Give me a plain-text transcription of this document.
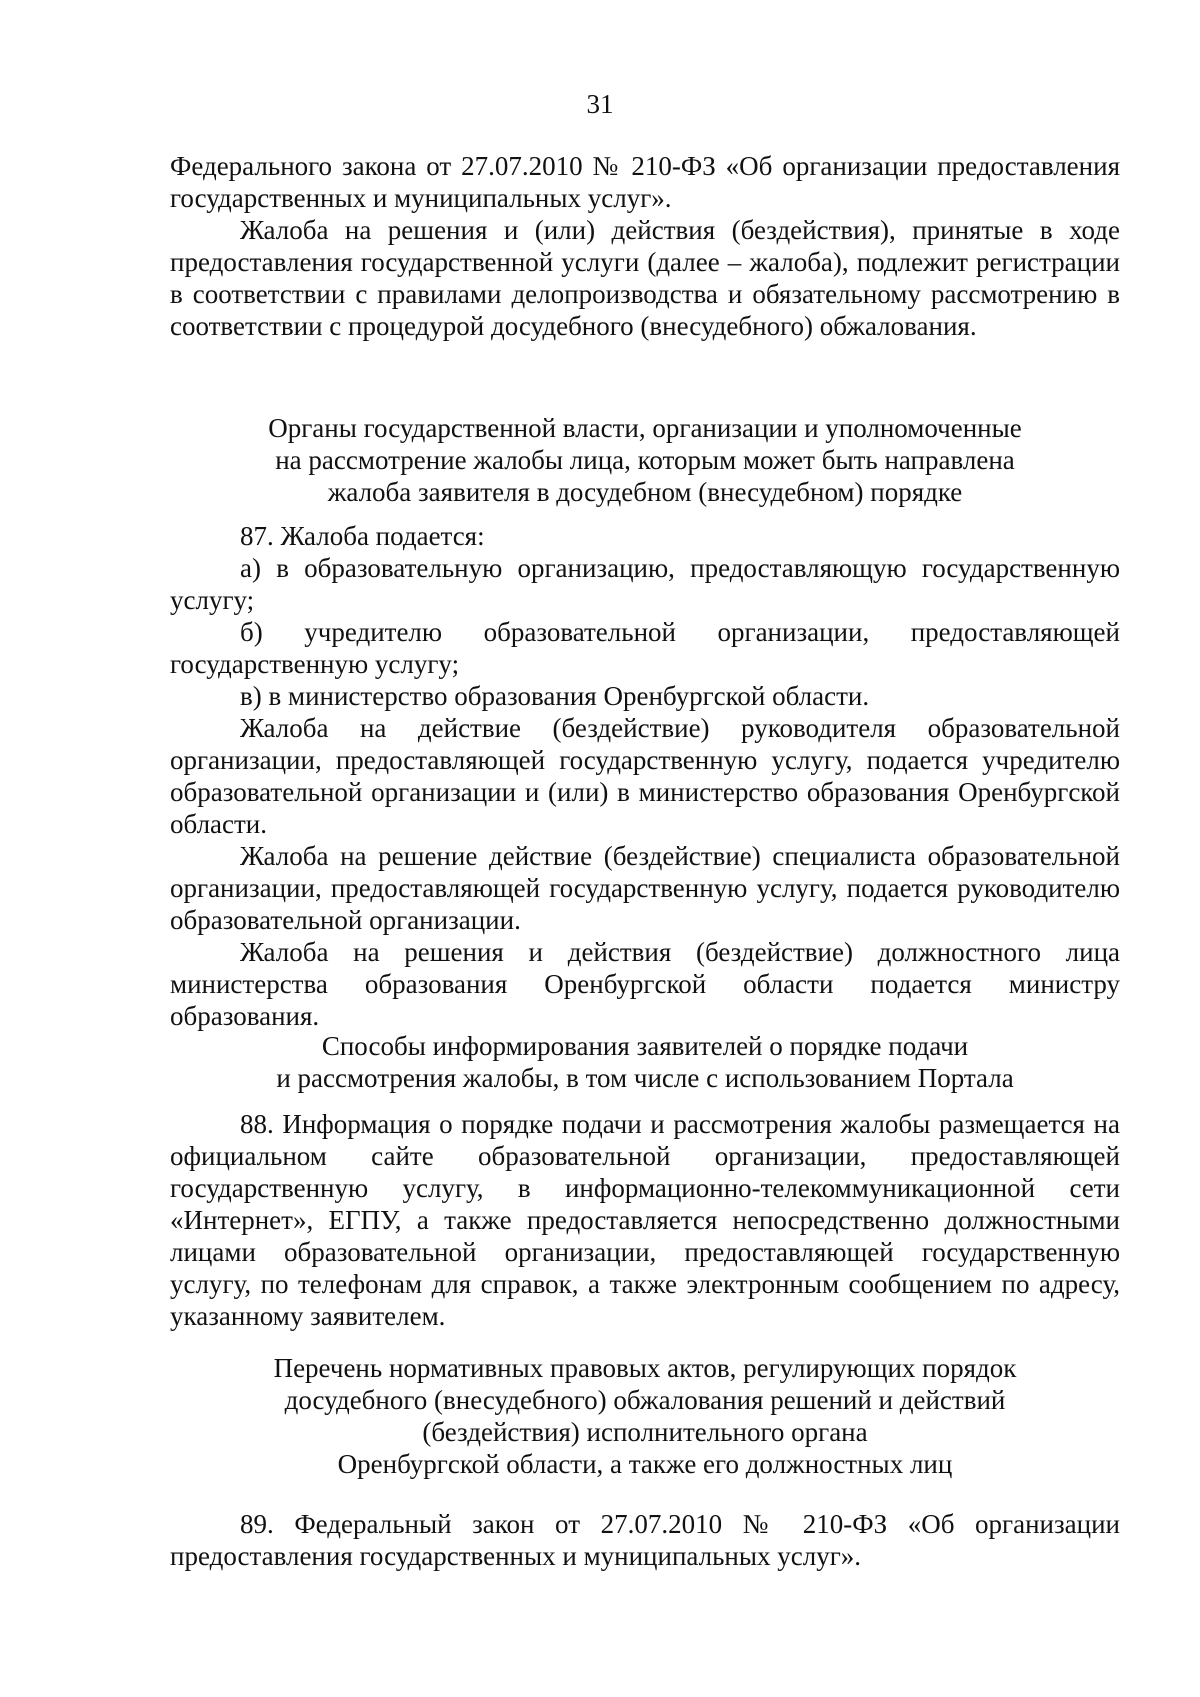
31

Федерального закона от 27.07.2010 № 210-ФЗ «Об организации предоставления государственных и муниципальных услуг».

Жалоба на решения и (или) действия (бездействия), принятые в ходе предоставления государственной услуги (далее – жалоба), подлежит регистрации в соответствии с правилами делопроизводства и обязательному рассмотрению в соответствии с процедурой досудебного (внесудебного) обжалования.

Органы государственной власти, организации и уполномоченные
на рассмотрение жалобы лица, которым может быть направлена
жалоба заявителя в досудебном (внесудебном) порядке

87. Жалоба подается:

а) в образовательную организацию, предоставляющую государственную услугу;

б) учредителю образовательной организации, предоставляющей государственную услугу;

в) в министерство образования Оренбургской области.

Жалоба на действие (бездействие) руководителя образовательной организации, предоставляющей государственную услугу, подается учредителю образовательной организации и (или) в министерство образования Оренбургской области.

Жалоба на решение действие (бездействие) специалиста образовательной организации, предоставляющей государственную услугу, подается руководителю образовательной организации.

Жалоба на решения и действия (бездействие) должностного лица министерства образования Оренбургской области подается министру образования.

Способы информирования заявителей о порядке подачи
и рассмотрения жалобы, в том числе с использованием Портала

88. Информация о порядке подачи и рассмотрения жалобы размещается на официальном сайте образовательной организации, предоставляющей государственную услугу, в информационно-телекоммуникационной сети «Интернет», ЕГПУ, а также предоставляется непосредственно должностными лицами образовательной организации, предоставляющей государственную услугу, по телефонам для справок, а также электронным сообщением по адресу, указанному заявителем.

Перечень нормативных правовых актов, регулирующих порядок
досудебного (внесудебного) обжалования решений и действий
(бездействия) исполнительного органа
Оренбургской области, а также его должностных лиц

89. Федеральный закон от 27.07.2010 № 210-ФЗ «Об организации предоставления государственных и муниципальных услуг».
